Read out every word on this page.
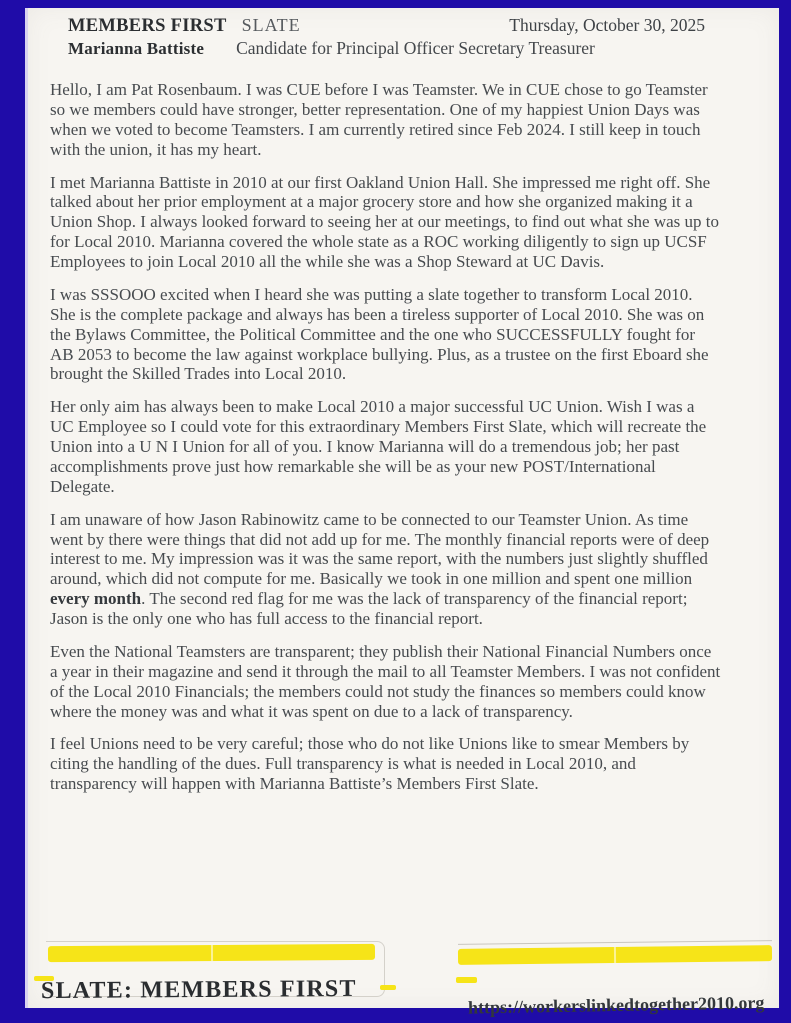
MEMBERS FIRST SLATE	Thursday, October 30, 2025
Marianna Battiste Candidate for Principal Officer Secretary Treasurer

Hello, I am Pat Rosenbaum. I was CUE before I was Teamster. We in CUE chose to go Teamster so we members could have stronger, better representation. One of my happiest Union Days was when we voted to become Teamsters. I am currently retired since Feb 2024. I still keep in touch with the union, it has my heart.

I met Marianna Battiste in 2010 at our first Oakland Union Hall. She impressed me right off. She talked about her prior employment at a major grocery store and how she organized making it a Union Shop. I always looked forward to seeing her at our meetings, to find out what she was up to for Local 2010. Marianna covered the whole state as a ROC working diligently to sign up UCSF Employees to join Local 2010 all the while she was a Shop Steward at UC Davis.

I was SSSOOO excited when I heard she was putting a slate together to transform Local 2010. She is the complete package and always has been a tireless supporter of Local 2010. She was on the Bylaws Committee, the Political Committee and the one who SUCCESSFULLY fought for AB 2053 to become the law against workplace bullying. Plus, as a trustee on the first Eboard she brought the Skilled Trades into Local 2010.

Her only aim has always been to make Local 2010 a major successful UC Union. Wish I was a UC Employee so I could vote for this extraordinary Members First Slate, which will recreate the Union into a U N I Union for all of you. I know Marianna will do a tremendous job; her past accomplishments prove just how remarkable she will be as your new POST/International Delegate.

I am unaware of how Jason Rabinowitz came to be connected to our Teamster Union. As time went by there were things that did not add up for me. The monthly financial reports were of deep interest to me. My impression was it was the same report, with the numbers just slightly shuffled around, which did not compute for me. Basically we took in one million and spent one million every month. The second red flag for me was the lack of transparency of the financial report; Jason is the only one who has full access to the financial report.

Even the National Teamsters are transparent; they publish their National Financial Numbers once a year in their magazine and send it through the mail to all Teamster Members. I was not confident of the Local 2010 Financials; the members could not study the finances so members could know where the money was and what it was spent on due to a lack of transparency.

I feel Unions need to be very careful; those who do not like Unions like to smear Members by citing the handling of the dues. Full transparency is what is needed in Local 2010, and transparency will happen with Marianna Battiste’s Members First Slate.

SLATE: MEMBERS FIRST
https://workerslinkedtogether2010.org
